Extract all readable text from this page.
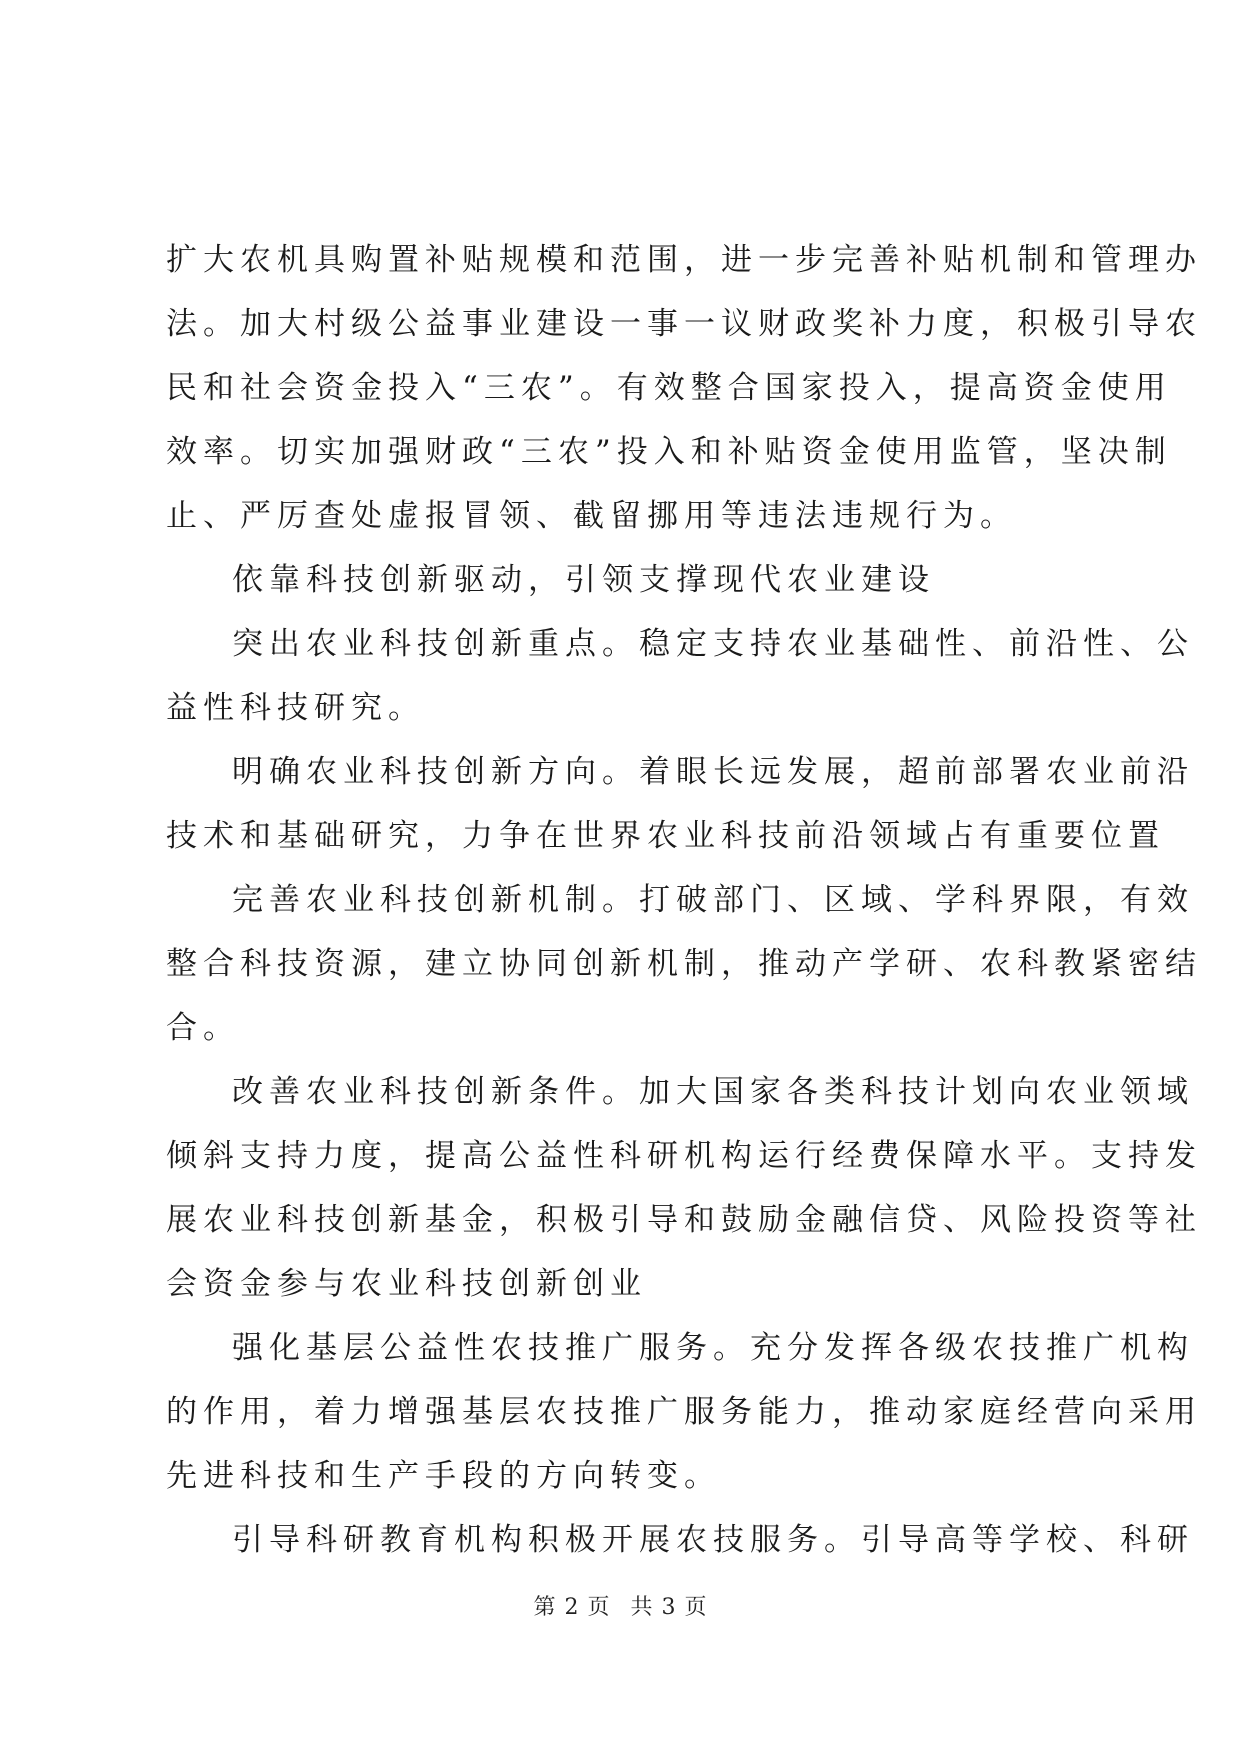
扩大农机具购置补贴规模和范围，进一步完善补贴机制和管理办
法。加大村级公益事业建设一事一议财政奖补力度，积极引导农
民和社会资金投入“三农”。有效整合国家投入，提高资金使用
效率。切实加强财政“三农”投入和补贴资金使用监管，坚决制
止、严厉查处虚报冒领、截留挪用等违法违规行为。
依靠科技创新驱动，引领支撑现代农业建设
突出农业科技创新重点。稳定支持农业基础性、前沿性、公
益性科技研究。
明确农业科技创新方向。着眼长远发展，超前部署农业前沿
技术和基础研究，力争在世界农业科技前沿领域占有重要位置
完善农业科技创新机制。打破部门、区域、学科界限，有效
整合科技资源，建立协同创新机制，推动产学研、农科教紧密结
合。
改善农业科技创新条件。加大国家各类科技计划向农业领域
倾斜支持力度，提高公益性科研机构运行经费保障水平。支持发
展农业科技创新基金，积极引导和鼓励金融信贷、风险投资等社
会资金参与农业科技创新创业
强化基层公益性农技推广服务。充分发挥各级农技推广机构
的作用，着力增强基层农技推广服务能力，推动家庭经营向采用
先进科技和生产手段的方向转变。
引导科研教育机构积极开展农技服务。引导高等学校、科研
第 2 页 共 3 页
